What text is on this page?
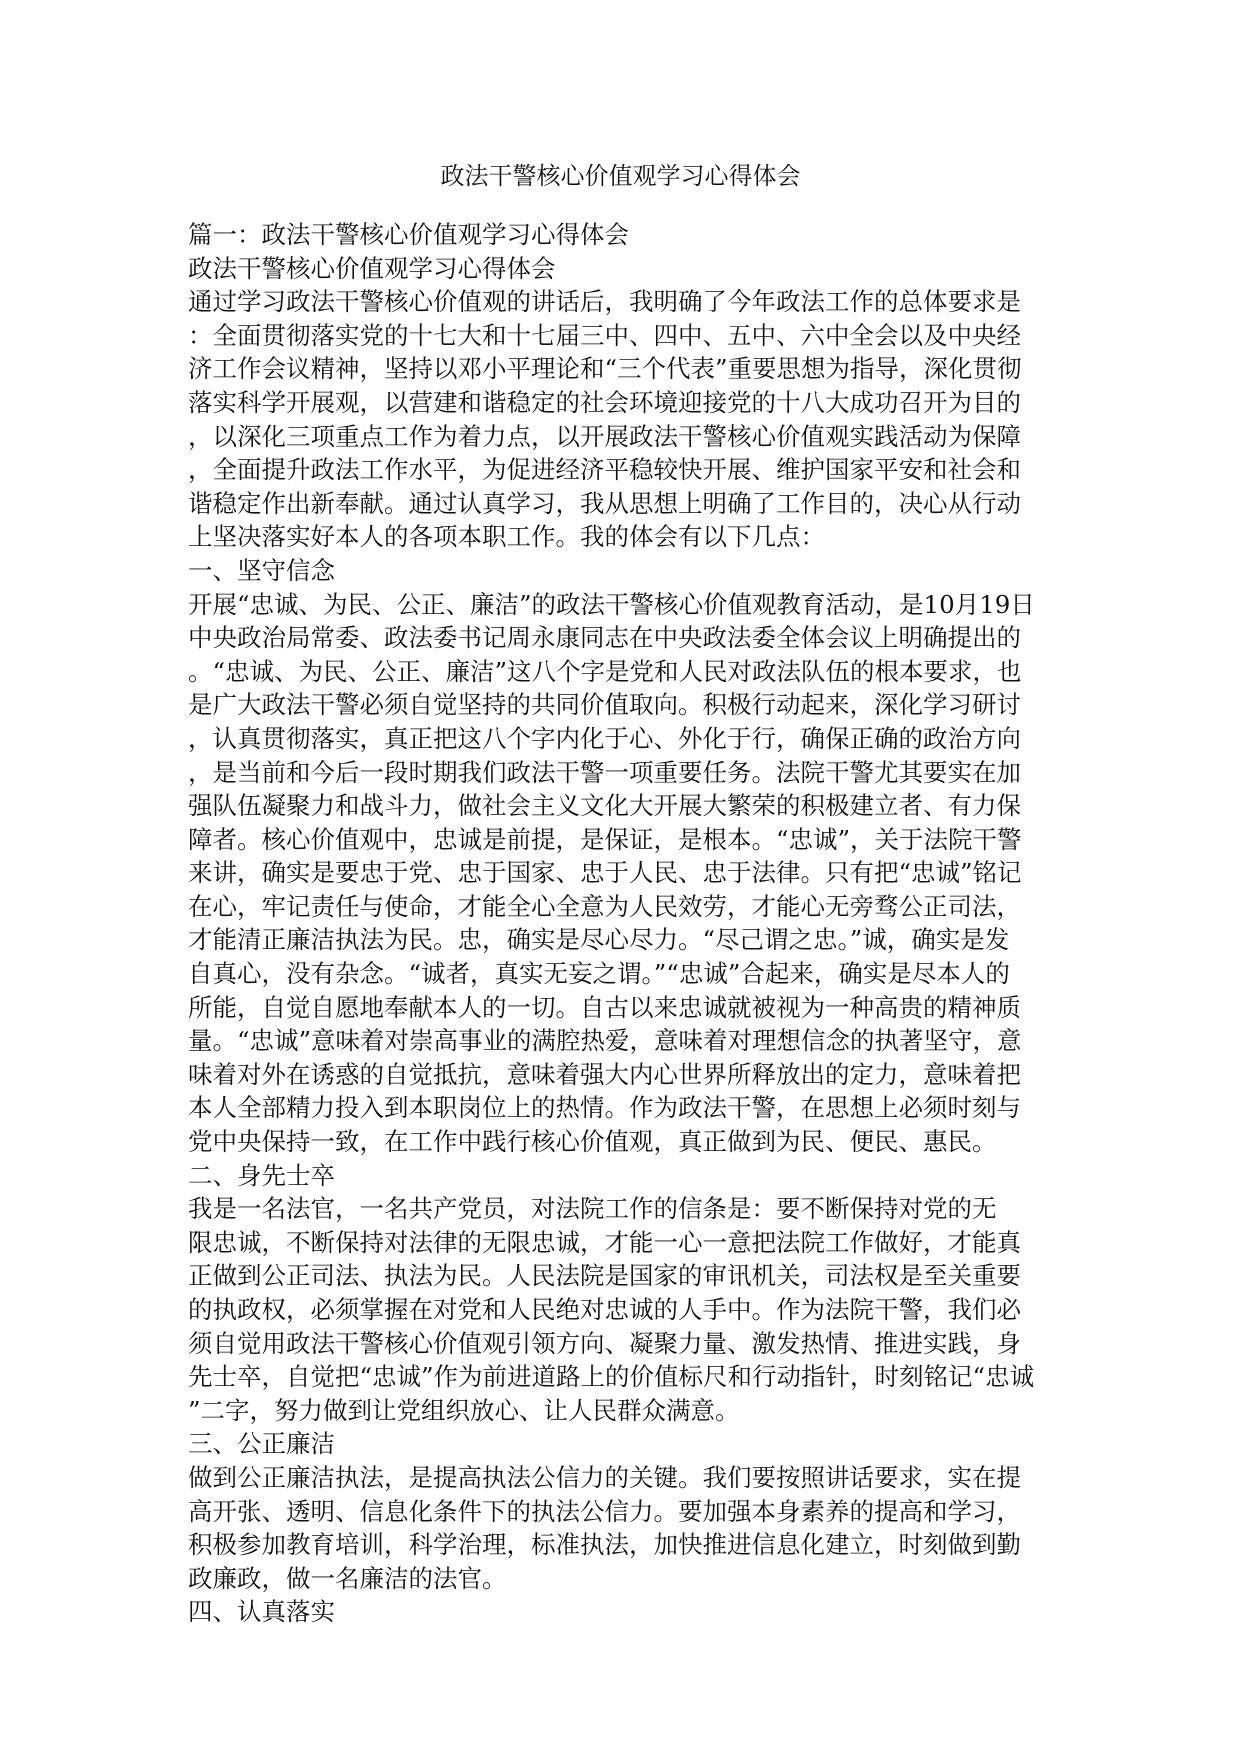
政法干警核心价值观学习心得体会
篇一：政法干警核心价值观学习心得体会
政法干警核心价值观学习心得体会
通过学习政法干警核心价值观的讲话后，我明确了今年政法工作的总体要求是
：全面贯彻落实党的十七大和十七届三中、四中、五中、六中全会以及中央经
济工作会议精神，坚持以邓小平理论和“三个代表”重要思想为指导，深化贯彻
落实科学开展观，以营建和谐稳定的社会环境迎接党的十八大成功召开为目的
，以深化三项重点工作为着力点，以开展政法干警核心价值观实践活动为保障
，全面提升政法工作水平，为促进经济平稳较快开展、维护国家平安和社会和
谐稳定作出新奉献。通过认真学习，我从思想上明确了工作目的，决心从行动
上坚决落实好本人的各项本职工作。我的体会有以下几点：
一、坚守信念
开展“忠诚、为民、公正、廉洁”的政法干警核心价值观教育活动，是10月19日
中央政治局常委、政法委书记周永康同志在中央政法委全体会议上明确提出的
。“忠诚、为民、公正、廉洁”这八个字是党和人民对政法队伍的根本要求，也
是广大政法干警必须自觉坚持的共同价值取向。积极行动起来，深化学习研讨
，认真贯彻落实，真正把这八个字内化于心、外化于行，确保正确的政治方向
，是当前和今后一段时期我们政法干警一项重要任务。法院干警尤其要实在加
强队伍凝聚力和战斗力，做社会主义文化大开展大繁荣的积极建立者、有力保
障者。核心价值观中，忠诚是前提，是保证，是根本。“忠诚”，关于法院干警
来讲，确实是要忠于党、忠于国家、忠于人民、忠于法律。只有把“忠诚”铭记
在心，牢记责任与使命，才能全心全意为人民效劳，才能心无旁骛公正司法，
才能清正廉洁执法为民。忠，确实是尽心尽力。“尽己谓之忠。”诚，确实是发
自真心，没有杂念。“诚者，真实无妄之谓。”“忠诚”合起来，确实是尽本人的
所能，自觉自愿地奉献本人的一切。自古以来忠诚就被视为一种高贵的精神质
量。“忠诚”意味着对崇高事业的满腔热爱，意味着对理想信念的执著坚守，意
味着对外在诱惑的自觉抵抗，意味着强大内心世界所释放出的定力，意味着把
本人全部精力投入到本职岗位上的热情。作为政法干警，在思想上必须时刻与
党中央保持一致，在工作中践行核心价值观，真正做到为民、便民、惠民。
二、身先士卒
我是一名法官，一名共产党员，对法院工作的信条是：要不断保持对党的无
限忠诚，不断保持对法律的无限忠诚，才能一心一意把法院工作做好，才能真
正做到公正司法、执法为民。人民法院是国家的审讯机关，司法权是至关重要
的执政权，必须掌握在对党和人民绝对忠诚的人手中。作为法院干警，我们必
须自觉用政法干警核心价值观引领方向、凝聚力量、激发热情、推进实践，身
先士卒，自觉把“忠诚”作为前进道路上的价值标尺和行动指针，时刻铭记“忠诚
”二字，努力做到让党组织放心、让人民群众满意。
三、公正廉洁
做到公正廉洁执法，是提高执法公信力的关键。我们要按照讲话要求，实在提
高开张、透明、信息化条件下的执法公信力。要加强本身素养的提高和学习，
积极参加教育培训，科学治理，标准执法，加快推进信息化建立，时刻做到勤
政廉政，做一名廉洁的法官。
四、认真落实
